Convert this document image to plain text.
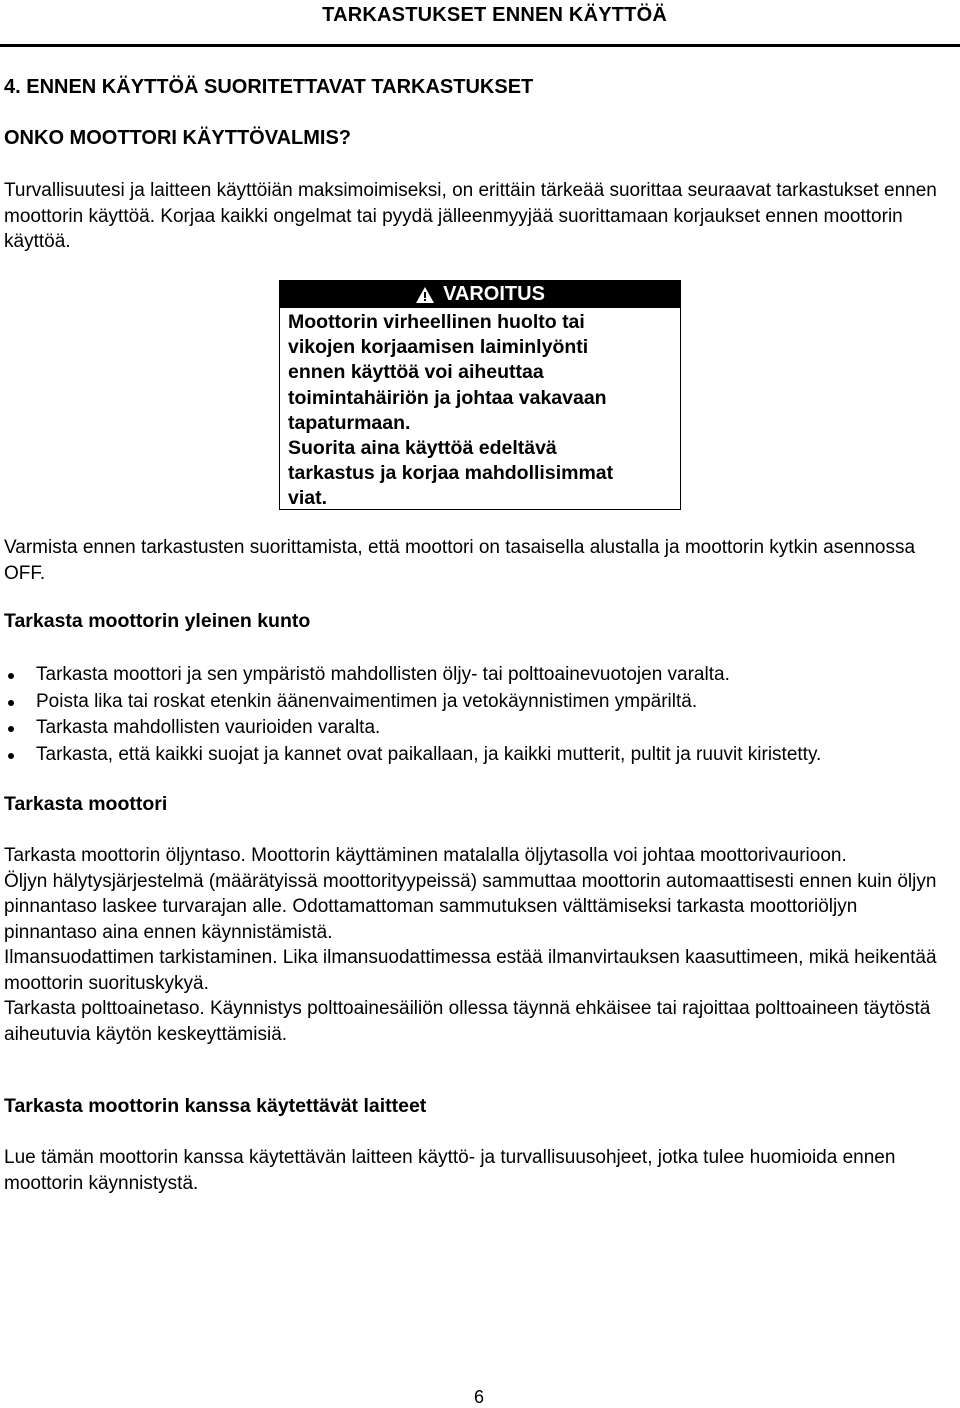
TARKASTUKSET ENNEN KÄYTTÖÄ
4. ENNEN KÄYTTÖÄ SUORITETTAVAT TARKASTUKSET
ONKO MOOTTORI KÄYTTÖVALMIS?

Turvallisuutesi ja laitteen käyttöiän maksimoimiseksi, on erittäin tärkeää suorittaa seuraavat tarkastukset ennen moottorin käyttöä. Korjaa kaikki ongelmat tai pyydä jälleenmyyjää suorittamaan korjaukset ennen moottorin käyttöä.

VAROITUS

Moottorin virheellinen huolto tai

vikojen korjaamisen laiminlyönti

ennen käyttöä voi aiheuttaa

toimintahäiriön ja johtaa vakavaan

tapaturmaan.

Suorita aina käyttöä edeltävä

tarkastus ja korjaa mahdollisimmat

viat.

Varmista ennen tarkastusten suorittamista, että moottori on tasaisella alustalla ja moottorin kytkin asennossa OFF.

Tarkasta moottorin yleinen kunto
Tarkasta moottori ja sen ympäristö mahdollisten öljy- tai polttoainevuotojen varalta.
Poista lika tai roskat etenkin äänenvaimentimen ja vetokäynnistimen ympäriltä.
Tarkasta mahdollisten vaurioiden varalta.
Tarkasta, että kaikki suojat ja kannet ovat paikallaan, ja kaikki mutterit, pultit ja ruuvit kiristetty.
Tarkasta moottori

Tarkasta moottorin öljyntaso. Moottorin käyttäminen matalalla öljytasolla voi johtaa moottorivaurioon.

Öljyn hälytysjärjestelmä (määrätyissä moottorityypeissä) sammuttaa moottorin automaattisesti ennen kuin öljyn pinnantaso laskee turvarajan alle. Odottamattoman sammutuksen välttämiseksi tarkasta moottoriöljyn pinnantaso aina ennen käynnistämistä.

Ilmansuodattimen tarkistaminen. Lika ilmansuodattimessa estää ilmanvirtauksen kaasuttimeen, mikä heikentää moottorin suorituskykyä.

Tarkasta polttoainetaso. Käynnistys polttoainesäiliön ollessa täynnä ehkäisee tai rajoittaa polttoaineen täytöstä aiheutuvia käytön keskeyttämisiä.

Tarkasta moottorin kanssa käytettävät laitteet

Lue tämän moottorin kanssa käytettävän laitteen käyttö- ja turvallisuusohjeet, jotka tulee huomioida ennen moottorin käynnistystä.

6
